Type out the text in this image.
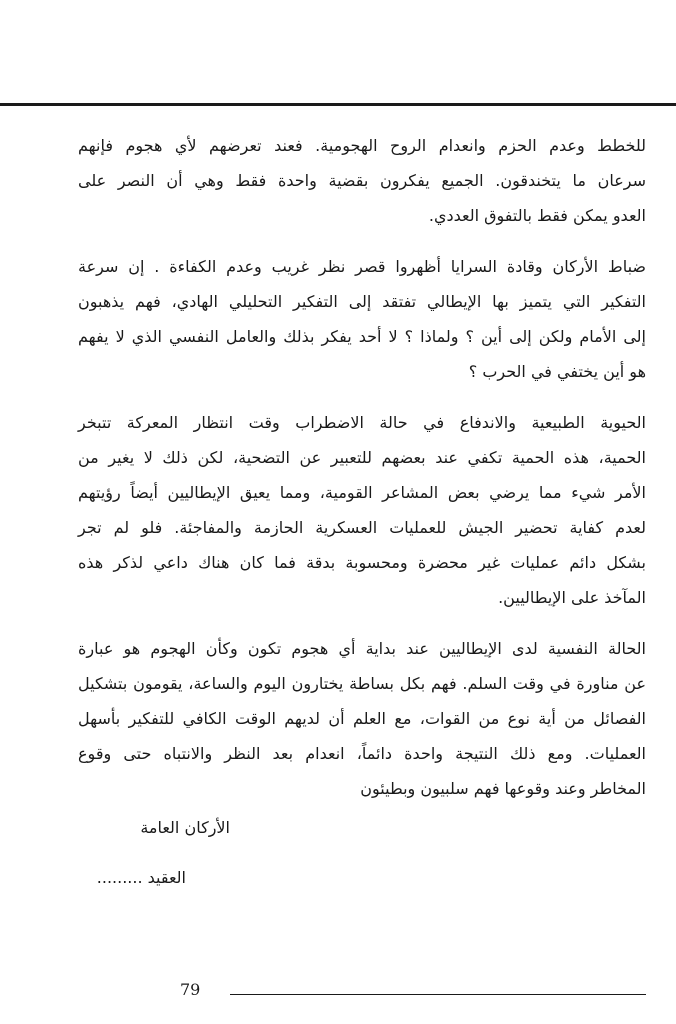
للخطط وعدم الحزم وانعدام الروح الهجومية. فعند تعرضهم لأي هجوم فإنهم
سرعان ما يتخندقون. الجميع يفكرون بقضية واحدة فقط وهي أن النصر على
العدو يمكن فقط بالتفوق العددي.

ضباط الأركان وقادة السرايا أظهروا قصر نظر غريب وعدم الكفاءة . إن سرعة
التفكير التي يتميز بها الإيطالي تفتقد إلى التفكير التحليلي الهادي، فهم يذهبون
إلى الأمام ولكن إلى أين ؟ ولماذا ؟ لا أحد يفكر بذلك والعامل النفسي الذي لا يفهم
هو أين يختفي في الحرب ؟

الحيوية الطبيعية والاندفاع في حالة الاضطراب وقت انتظار المعركة تتبخر
الحمية، هذه الحمية تكفي عند بعضهم للتعبير عن التضحية، لكن ذلك لا يغير من
الأمر شيء مما يرضي بعض المشاعر القومية، ومما يعيق الإيطاليين أيضاً رؤيتهم
لعدم كفاية تحضير الجيش للعمليات العسكرية الحازمة والمفاجئة. فلو لم تجر
بشكل دائم عمليات غير محضرة ومحسوبة بدقة فما كان هناك داعي لذكر هذه
المآخذ على الإيطاليين.

الحالة النفسية لدى الإيطاليين عند بداية أي هجوم تكون وكأن الهجوم هو عبارة
عن مناورة في وقت السلم. فهم بكل بساطة يختارون اليوم والساعة، يقومون بتشكيل
الفصائل من أية نوع من القوات، مع العلم أن لديهم الوقت الكافي للتفكير بأسهل
العمليات. ومع ذلك النتيجة واحدة دائماً، انعدام بعد النظر والانتباه حتى وقوع
المخاطر وعند وقوعها فهم سلبيون وبطيئون

الأركان العامة
العقيد .........
79
